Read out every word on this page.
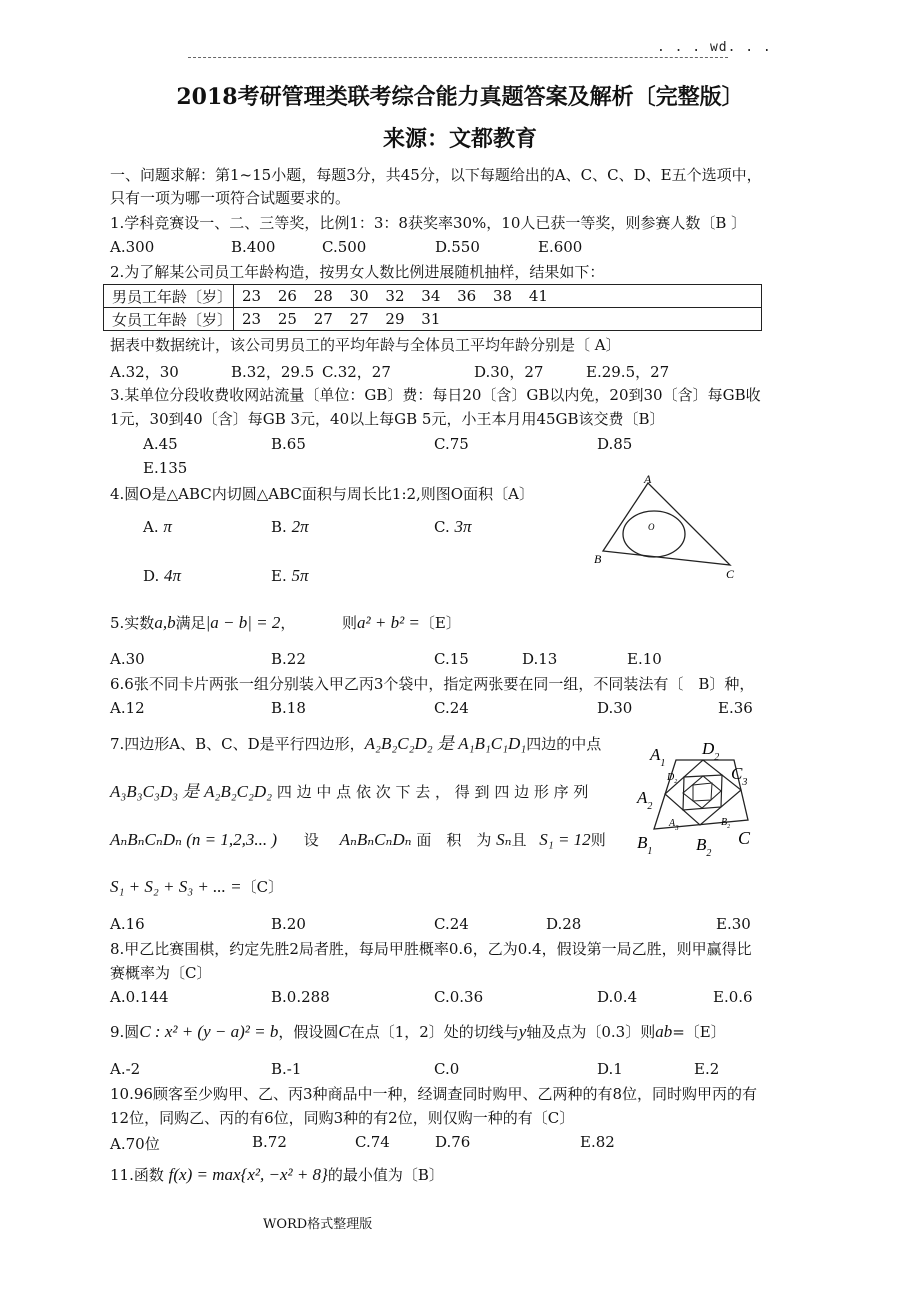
. . . wd. . .
2018考研管理类联考综合能力真题答案及解析〔完整版〕
来源：文都教育
一、问题求解：第1~15小题，每题3分，共45分，以下每题给出的A、C、C、D、E五个选项中，
只有一项为哪一项符合试题要求的。
1.学科竞赛设一、二、三等奖，比例1：3：8获奖率30%，10人已获一等奖，则参赛人数〔B 〕
A.300	B.400	C.500	D.550	E.600
2.为了解某公司员工年龄构造，按男女人数比例进展随机抽样，结果如下：
男员工年龄〔岁〕	23 26 28 30 32 34 36 38 41
女员工年龄〔岁〕	23 25 27 27 29 31
据表中数据统计，该公司男员工的平均年龄与全体员工平均年龄分别是〔 A〕
A.32，30	B.32，29.5 C.32，27	D.30，27	E.29.5，27
3.某单位分段收费收网站流量〔单位：GB〕费：每日20〔含〕GB以内免，20到30〔含〕每GB收
1元，30到40〔含〕每GB 3元，40以上每GB 5元，小王本月用45GB该交费〔B〕
A.45	B.65	C.75	D.85
E.135
4.圆O是△ABC内切圆△ABC面积与周长比1:2,则图O面积〔A〕
A. π	B. 2π	C. 3π
D. 4π	E. 5π
A
B
C
O
5.实数a,b满足|a − b| = 2，	则a² + b² =〔E〕
A.30	B.22	C.15	D.13	E.10
6.6张不同卡片两张一组分别装入甲乙丙3个袋中，指定两张要在同一组，不同装法有〔　B〕种，
A.12	B.18	C.24	D.30	E.36
7.四边形A、B、C、D是平行四边形，A₂B₂C₂D₂ 是 A₁B₁C₁D₁四边的中点
A₃B₃C₃D₃ 是 A₂B₂C₂D₂ 四 边 中 点 依 次 下 去 ， 得 到 四 边 形 序 列
AₙBₙCₙDₙ (n = 1,2,3... ) 设 AₙBₙCₙDₙ 面　积　为 Sₙ且 S₁ = 12则
S₁ + S₂ + S₃ + ... =〔C〕
$A_1$
$D_2$
$C_3$
$A_2$
$D_2$
$A_3$	$B_2$
C
$B_1$	$B_2$
A.16	B.20	C.24	D.28	E.30
8.甲乙比赛围棋，约定先胜2局者胜，每局甲胜概率0.6，乙为0.4，假设第一局乙胜，则甲赢得比
赛概率为〔C〕
A.0.144	B.0.288	C.0.36	D.0.4	E.0.6
9.圆C : x² + (y − a)² = b，假设圆C在点〔1，2〕处的切线与y轴及点为〔0.3〕则ab=〔E〕
A.-2	B.-1	C.0	D.1	E.2
10.96顾客至少购甲、乙、丙3种商品中一种，经调查同时购甲、乙两种的有8位，同时购甲丙的有
12位，同购乙、丙的有6位，同购3种的有2位，则仅购一种的有〔C〕
A.70位	B.72	C.74	D.76	E.82
11.函数 f(x) = max{x², −x² + 8}的最小值为〔B〕
WORD格式整理版
